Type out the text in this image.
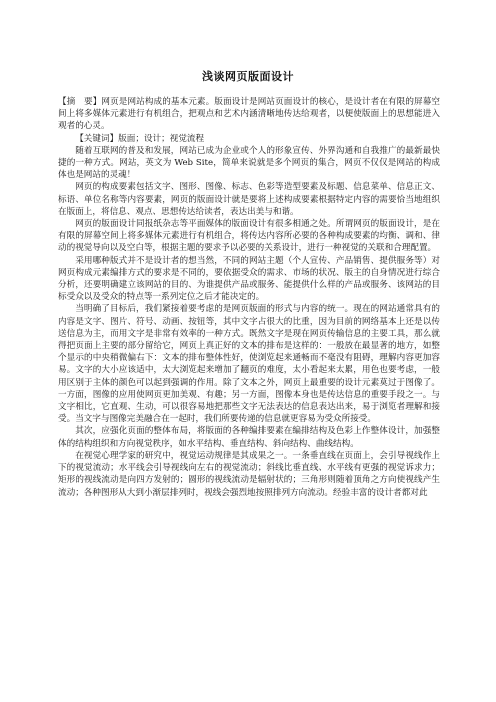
浅谈网页版面设计

【摘　要】网页是网站构成的基本元素。版面设计是网站页面设计的核心，是设计者在有限的屏幕空间上将多媒体元素进行有机组合，把观点和艺术内涵清晰地传达给观者，以便使版面上的思想能进入观者的心灵。

【关键词】版面；设计；视觉流程

随着互联网的普及和发展，网站已成为企业或个人的形象宣传、外界沟通和自我推广的最新最快捷的一种方式。网站，英文为 Web Site，简单来说就是多个网页的集合，网页不仅仅是网站的构成体也是网站的灵魂！

网页的构成要素包括文字、图形、图像、标志、色彩等造型要素及标题、信息菜单、信息正文、标语、单位名称等内容要素，网页的版面设计就是要将上述构成要素根据特定内容的需要恰当地组织在版面上，将信息、观点、思想传达给读者，表达出美与和谐。

网页的版面设计同报纸杂志等平面媒体的版面设计有很多相通之处。所谓网页的版面设计，是在有限的屏幕空间上将多媒体元素进行有机组合，将传达内容所必要的各种构成要素的均衡、调和、律动的视觉导向以及空白等，根据主题的要求予以必要的关系设计，进行一种视觉的关联和合理配置。

采用哪种版式并不是设计者的想当然，不同的网站主题（个人宣传、产品销售、提供服务等）对网页构成元素编排方式的要求是不同的，要依据受众的需求、市场的状况、版主的自身情况进行综合分析，还要明确建立该网站的目的、为谁提供产品或服务、能提供什么样的产品或服务、该网站的目标受众以及受众的特点等一系列定位之后才能决定的。

当明确了目标后，我们紧接着要考虑的是网页版面的形式与内容的统一。现在的网站通常具有的内容是文字、图片、符号、动画、按钮等，其中文字占很大的比重，因为目前的网络基本上还是以传送信息为主，而用文字是非常有效率的一种方式。既然文字是现在网页传输信息的主要工具，那么就得把页面上主要的部分留给它，网页上真正好的文本的排布是这样的：一般放在最显著的地方，如整个显示的中央稍微偏右下：文本的排布整体性好，使浏览起来通畅而不毫没有阻碍，理解内容更加容易。文字的大小应该适中，太大浏览起来增加了翻页的难度，太小看起来太累，用色也要考虑，一般用区别于主体的颜色可以起到强调的作用。除了文本之外，网页上最重要的设计元素莫过于图像了。一方面，图像的应用使网页更加美观、有趣；另一方面，图像本身也是传达信息的重要手段之一。与文字相比，它直观、生动，可以很容易地把那些文字无法表达的信息表达出来，易于浏览者理解和接受。当文字与图像完美融合在一起时，我们所要传递的信息就更容易为受众所接受。

其次，应强化页面的整体布局，将版面的各种编排要素在编排结构及色彩上作整体设计，加强整体的结构组织和方向视觉秩序，如水平结构、垂直结构、斜向结构、曲线结构。

在视觉心理学家的研究中，视觉运动规律是其成果之一。一条垂直线在页面上，会引导视线作上下的视觉流动；水平线会引导视线向左右的视觉流动；斜线比垂直线、水平线有更强的视觉诉求力；矩形的视线流动是向四方发射的；圆形的视线流动是辐射状的；三角形则随着顶角之方向使视线产生流动；各种图形从大到小渐层排列时，视线会强烈地按照排列方向流动。经验丰富的设计者都对此
